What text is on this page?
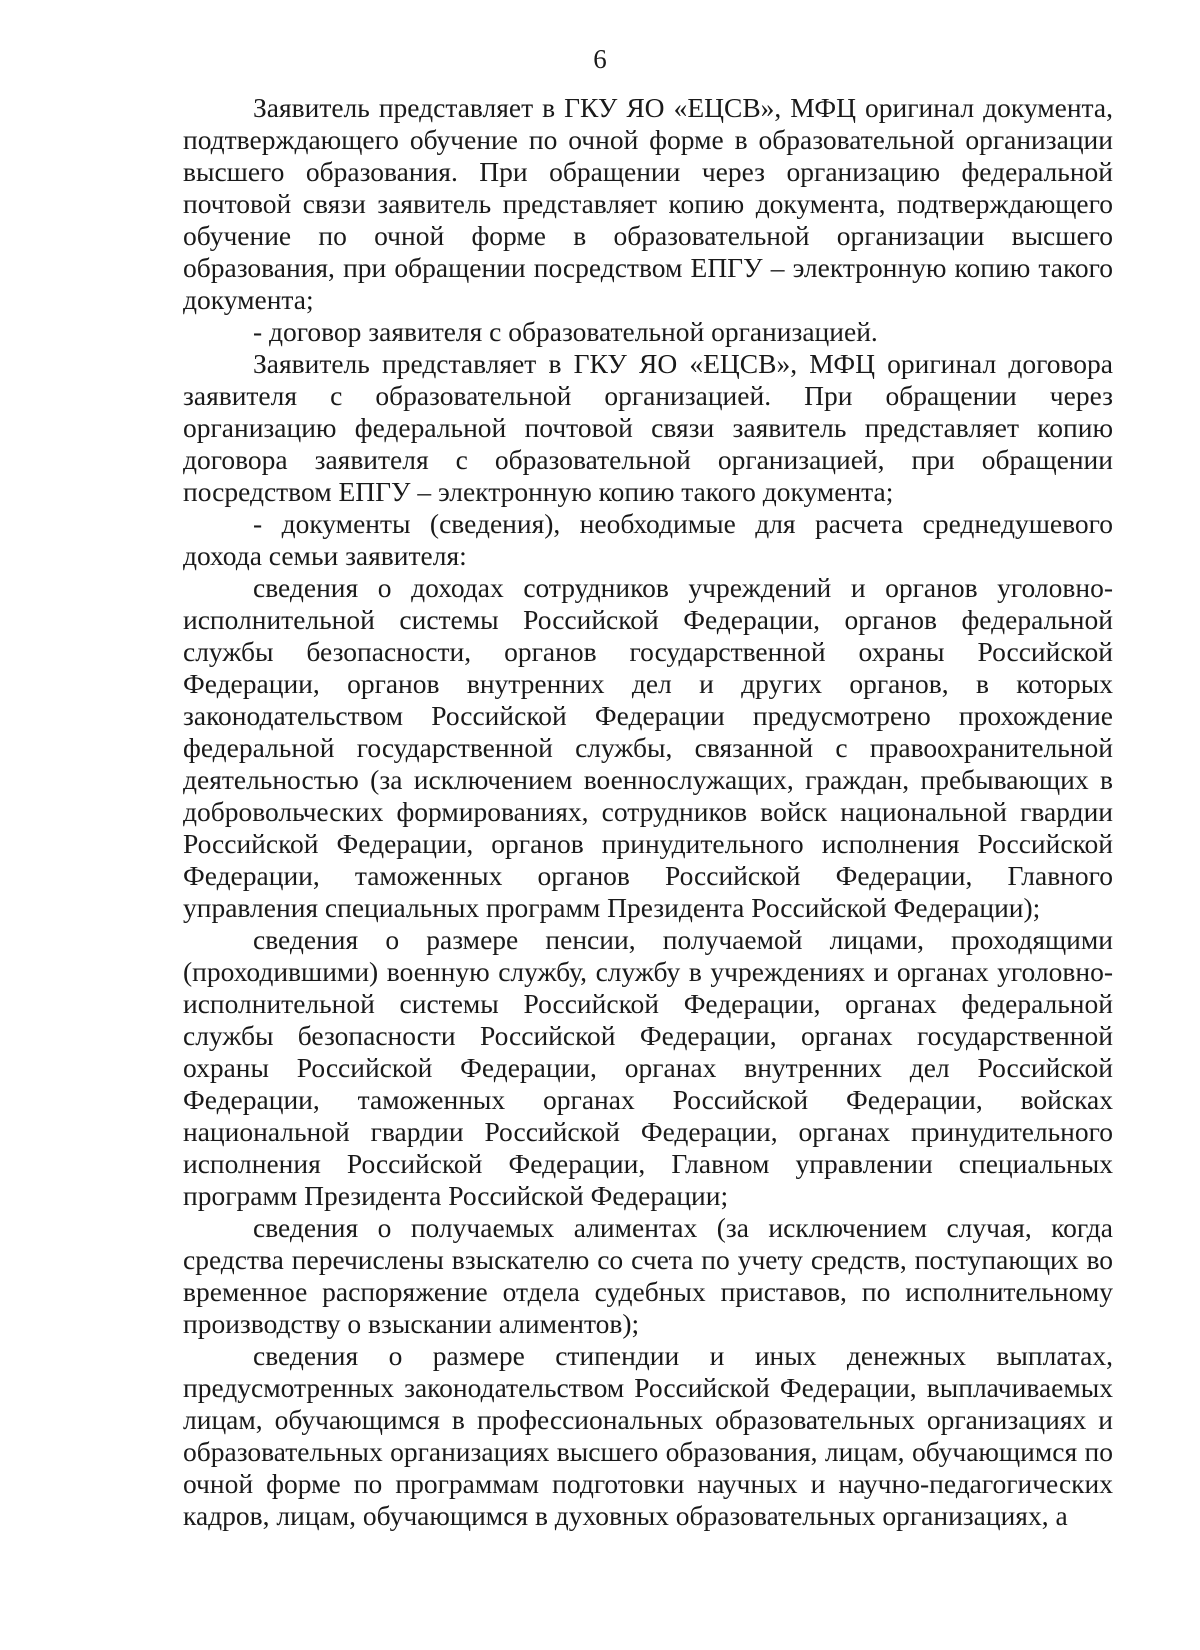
6

Заявитель представляет в ГКУ ЯО «ЕЦСВ», МФЦ оригинал документа, подтверждающего обучение по очной форме в образовательной организации высшего образования. При обращении через организацию федеральной почтовой связи заявитель представляет копию документа, подтверждающего обучение по очной форме в образовательной организации высшего образования, при обращении посредством ЕПГУ – электронную копию такого документа;

- договор заявителя с образовательной организацией.

Заявитель представляет в ГКУ ЯО «ЕЦСВ», МФЦ оригинал договора заявителя с образовательной организацией. При обращении через организацию федеральной почтовой связи заявитель представляет копию договора заявителя с образовательной организацией, при обращении посредством ЕПГУ – электронную копию такого документа;

- документы (сведения), необходимые для расчета среднедушевого дохода семьи заявителя:

сведения о доходах сотрудников учреждений и органов уголовно-исполнительной системы Российской Федерации, органов федеральной службы безопасности, органов государственной охраны Российской Федерации, органов внутренних дел и других органов, в которых законодательством Российской Федерации предусмотрено прохождение федеральной государственной службы, связанной с правоохранительной деятельностью (за исключением военнослужащих, граждан, пребывающих в добровольческих формированиях, сотрудников войск национальной гвардии Российской Федерации, органов принудительного исполнения Российской Федерации, таможенных органов Российской Федерации, Главного управления специальных программ Президента Российской Федерации);

сведения о размере пенсии, получаемой лицами, проходящими (проходившими) военную службу, службу в учреждениях и органах уголовно-исполнительной системы Российской Федерации, органах федеральной службы безопасности Российской Федерации, органах государственной охраны Российской Федерации, органах внутренних дел Российской Федерации, таможенных органах Российской Федерации, войсках национальной гвардии Российской Федерации, органах принудительного исполнения Российской Федерации, Главном управлении специальных программ Президента Российской Федерации;

сведения о получаемых алиментах (за исключением случая, когда средства перечислены взыскателю со счета по учету средств, поступающих во временное распоряжение отдела судебных приставов, по исполнительному производству о взыскании алиментов);

сведения о размере стипендии и иных денежных выплатах, предусмотренных законодательством Российской Федерации, выплачиваемых лицам, обучающимся в профессиональных образовательных организациях и образовательных организациях высшего образования, лицам, обучающимся по очной форме по программам подготовки научных и научно-педагогических кадров, лицам, обучающимся в духовных образовательных организациях, а
